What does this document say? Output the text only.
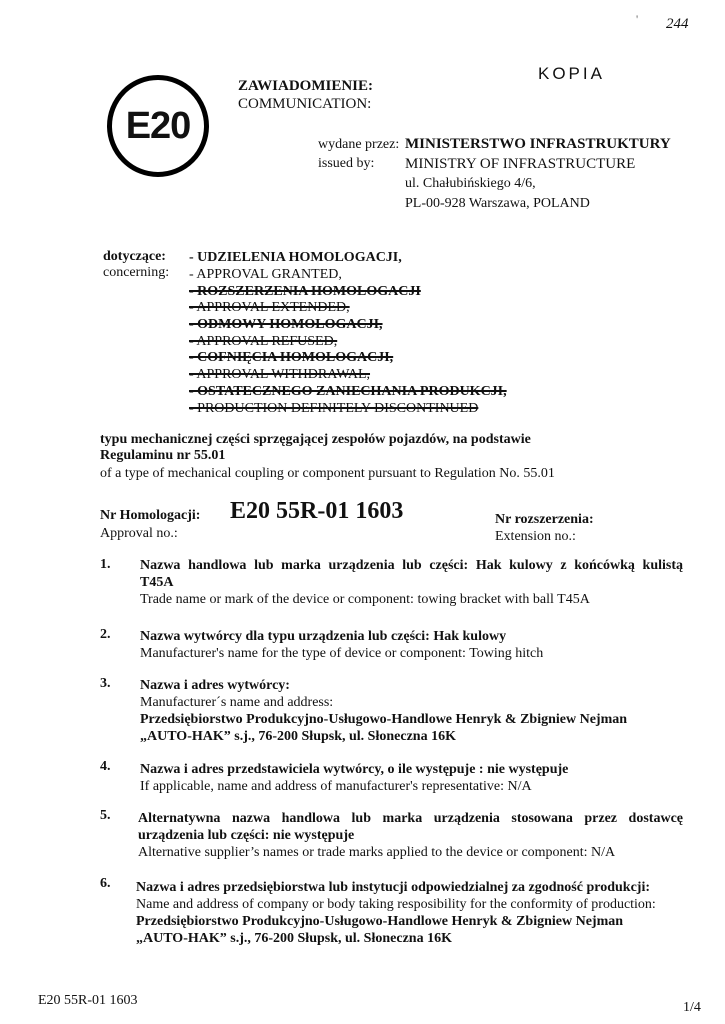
244
'
KOPIA
E20
ZAWIADOMIENIE:
COMMUNICATION:
wydane przez: MINISTERSTWO INFRASTRUKTURY
issued by: MINISTRY OF INFRASTRUCTURE
ul. Chałubińskiego 4/6,
PL-00-928 Warszawa, POLAND
dotyczące:
concerning:
- UDZIELENIA HOMOLOGACJI,
- APPROVAL GRANTED,
- ROZSZERZENIA HOMOLOGACJI
- APPROVAL EXTENDED,
- ODMOWY HOMOLOGACJI,
- APPROVAL REFUSED,
- COFNIĘCIA HOMOLOGACJI,
- APPROVAL WITHDRAWAL,
- OSTATECZNEGO ZANIECHANIA PRODUKCJI,
- PRODUCTION DEFINITELY DISCONTINUED
typu mechanicznej części sprzęgającej zespołów pojazdów, na podstawie
Regulaminu nr 55.01
of a type of mechanical coupling or component pursuant to Regulation No. 55.01
Nr Homologacji:
Approval no.:
E20 55R-01 1603	Nr rozszerzenia:
Extension no.:
1. Nazwa handlowa lub marka urządzenia lub części: Hak kulowy z końcówką kulistą
T45A
Trade name or mark of the device or component: towing bracket with ball T45A
2. Nazwa wytwórcy dla typu urządzenia lub części: Hak kulowy
Manufacturer's name for the type of device or component: Towing hitch
3. Nazwa i adres wytwórcy:
Manufacturer´s name and address:
Przedsiębiorstwo Produkcyjno-Usługowo-Handlowe Henryk & Zbigniew Nejman
„AUTO-HAK” s.j., 76-200 Słupsk, ul. Słoneczna 16K
4. Nazwa i adres przedstawiciela wytwórcy, o ile występuje : nie występuje
If applicable, name and address of manufacturer's representative: N/A
5. Alternatywna nazwa handlowa lub marka urządzenia stosowana przez dostawcę
urządzenia lub części: nie występuje
Alternative supplier’s names or trade marks applied to the device or component: N/A
6. Nazwa i adres przedsiębiorstwa lub instytucji odpowiedzialnej za zgodność produkcji:
Name and address of company or body taking resposibility for the conformity of production:
Przedsiębiorstwo Produkcyjno-Usługowo-Handlowe Henryk & Zbigniew Nejman
„AUTO-HAK” s.j., 76-200 Słupsk, ul. Słoneczna 16K
E20 55R-01 1603	1/4
